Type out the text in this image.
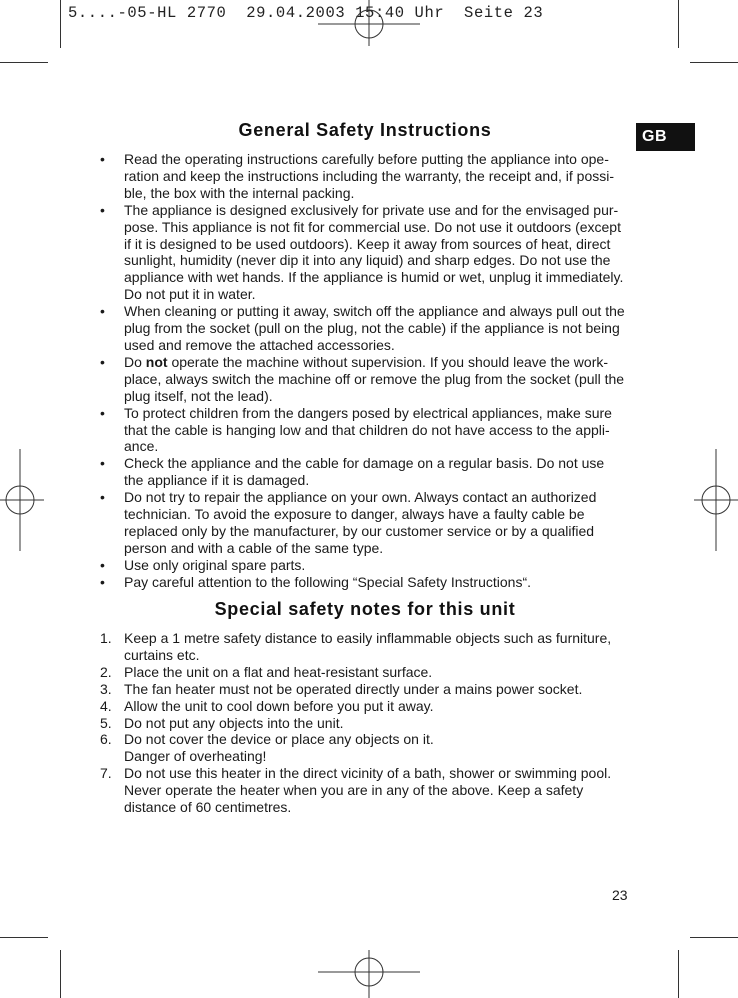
5....-05-HL 2770  29.04.2003 15:40 Uhr  Seite 23
GB
General Safety Instructions
• Read the operating instructions carefully before putting the appliance into operation and keep the instructions including the warranty, the receipt and, if possible, the box with the internal packing.
• The appliance is designed exclusively for private use and for the envisaged purpose. This appliance is not fit for commercial use. Do not use it outdoors (except if it is designed to be used outdoors). Keep it away from sources of heat, direct sunlight, humidity (never dip it into any liquid) and sharp edges. Do not use the appliance with wet hands. If the appliance is humid or wet, unplug it immediately. Do not put it in water.
• When cleaning or putting it away, switch off the appliance and always pull out the plug from the socket (pull on the plug, not the cable) if the appliance is not being used and remove the attached accessories.
• Do not operate the machine without supervision. If you should leave the workplace, always switch the machine off or remove the plug from the socket (pull the plug itself, not the lead).
• To protect children from the dangers posed by electrical appliances, make sure that the cable is hanging low and that children do not have access to the appliance.
• Check the appliance and the cable for damage on a regular basis. Do not use the appliance if it is damaged.
• Do not try to repair the appliance on your own. Always contact an authorized technician. To avoid the exposure to danger, always have a faulty cable be replaced only by the manufacturer, by our customer service or by a qualified person and with a cable of the same type.
• Use only original spare parts.
• Pay careful attention to the following “Special Safety Instructions“.
Special safety notes for this unit
1. Keep a 1 metre safety distance to easily inflammable objects such as furniture, curtains etc.
2. Place the unit on a flat and heat-resistant surface.
3. The fan heater must not be operated directly under a mains power socket.
4. Allow the unit to cool down before you put it away.
5. Do not put any objects into the unit.
6. Do not cover the device or place any objects on it.
Danger of overheating!
7. Do not use this heater in the direct vicinity of a bath, shower or swimming pool. Never operate the heater when you are in any of the above. Keep a safety distance of 60 centimetres.
23
